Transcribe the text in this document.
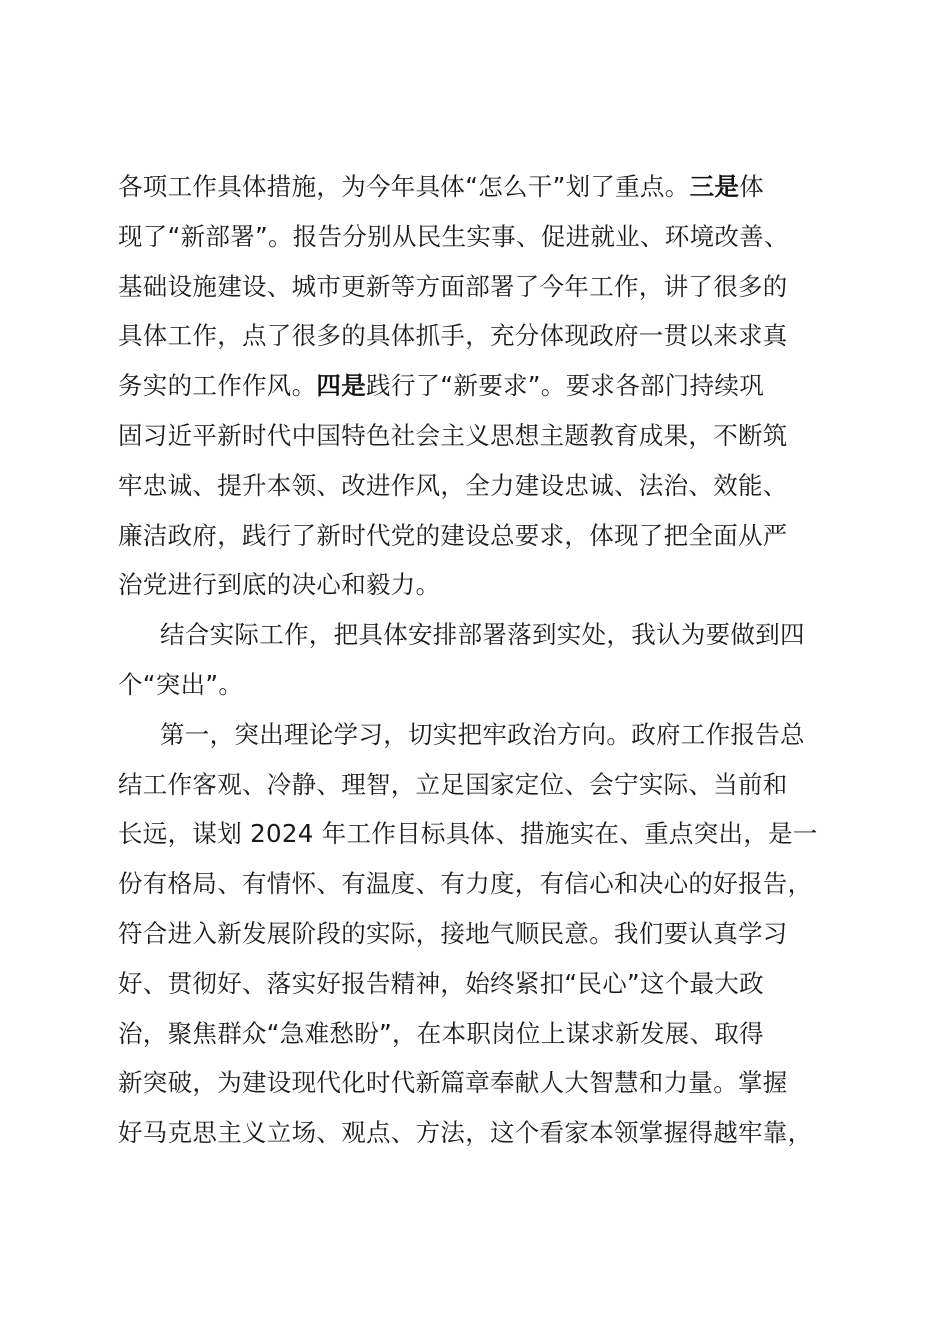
各项工作具体措施，为今年具体“怎么干”划了重点。三是体
现了“新部署”。报告分别从民生实事、促进就业、环境改善、
基础设施建设、城市更新等方面部署了今年工作，讲了很多的
具体工作，点了很多的具体抓手，充分体现政府一贯以来求真
务实的工作作风。四是践行了“新要求”。要求各部门持续巩
固习近平新时代中国特色社会主义思想主题教育成果，不断筑
牢忠诚、提升本领、改进作风，全力建设忠诚、法治、效能、
廉洁政府，践行了新时代党的建设总要求，体现了把全面从严
治党进行到底的决心和毅力。
结合实际工作，把具体安排部署落到实处，我认为要做到四
个“突出”。
第一，突出理论学习，切实把牢政治方向。政府工作报告总
结工作客观、冷静、理智，立足国家定位、会宁实际、当前和
长远，谋划 2024 年工作目标具体、措施实在、重点突出，是一
份有格局、有情怀、有温度、有力度，有信心和决心的好报告，
符合进入新发展阶段的实际，接地气顺民意。我们要认真学习
好、贯彻好、落实好报告精神，始终紧扣“民心”这个最大政
治，聚焦群众“急难愁盼”，在本职岗位上谋求新发展、取得
新突破，为建设现代化时代新篇章奉献人大智慧和力量。掌握
好马克思主义立场、观点、方法，这个看家本领掌握得越牢靠，
